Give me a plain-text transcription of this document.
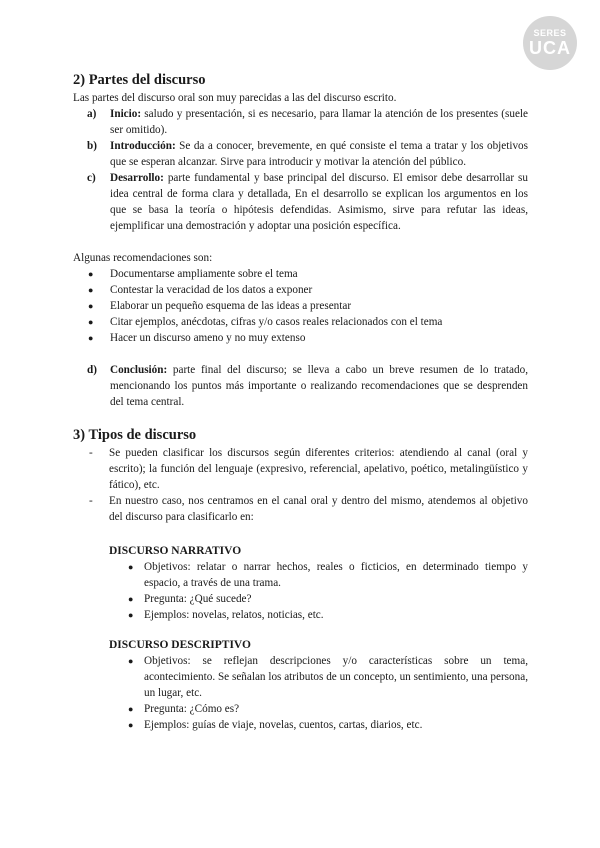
SERES
UCA
2) Partes del discurso

Las partes del discurso oral son muy parecidas a las del discurso escrito.

a) Inicio: saludo y presentación, si es necesario, para llamar la atención de los presentes (suele ser omitido).
b) Introducción: Se da a conocer, brevemente, en qué consiste el tema a tratar y los objetivos que se esperan alcanzar. Sirve para introducir y motivar la atención del público.
c) Desarrollo: parte fundamental y base principal del discurso. El emisor debe desarrollar su idea central de forma clara y detallada, En el desarrollo se explican los argumentos en los que se basa la teoría o hipótesis defendidas. Asimismo, sirve para refutar las ideas, ejemplificar una demostración y adoptar una posición específica.

Algunas recomendaciones son:

● Documentarse ampliamente sobre el tema
● Contestar la veracidad de los datos a exponer
● Elaborar un pequeño esquema de las ideas a presentar
● Citar ejemplos, anécdotas, cifras y/o casos reales relacionados con el tema
● Hacer un discurso ameno y no muy extenso
d) Conclusión: parte final del discurso; se lleva a cabo un breve resumen de lo tratado, mencionando los puntos más importante o realizando recomendaciones que se desprenden del tema central.
3) Tipos de discurso
- Se pueden clasificar los discursos según diferentes criterios: atendiendo al canal (oral y escrito); la función del lenguaje (expresivo, referencial, apelativo, poético, metalingüístico y fático), etc.
- En nuestro caso, nos centramos en el canal oral y dentro del mismo, atendemos al objetivo del discurso para clasificarlo en:
DISCURSO NARRATIVO
● Objetivos: relatar o narrar hechos, reales o ficticios, en determinado tiempo y espacio, a través de una trama.
● Pregunta: ¿Qué sucede?
● Ejemplos: novelas, relatos, noticias, etc.
DISCURSO DESCRIPTIVO
● Objetivos: se reflejan descripciones y/o características sobre un tema, acontecimiento. Se señalan los atributos de un concepto, un sentimiento, una persona, un lugar, etc.
● Pregunta: ¿Cómo es?
● Ejemplos: guías de viaje, novelas, cuentos, cartas, diarios, etc.
